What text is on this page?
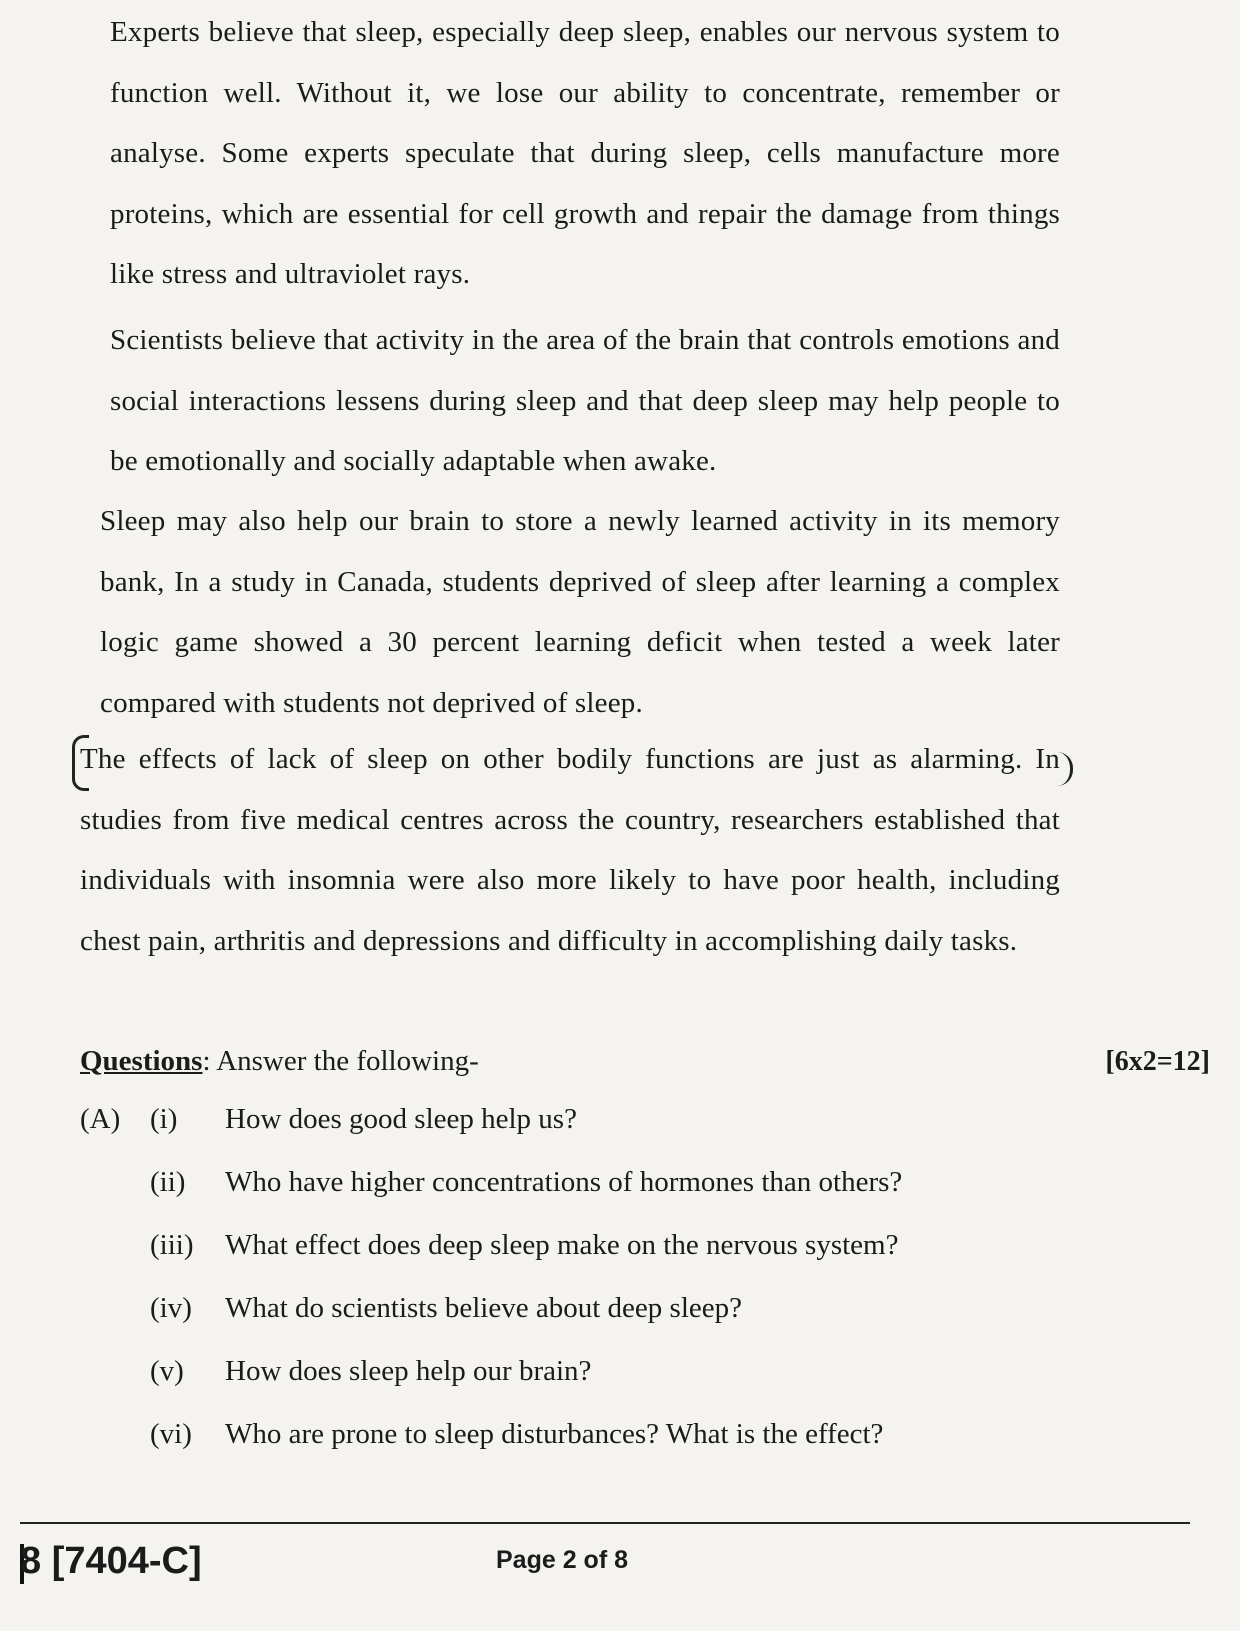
Experts believe that sleep, especially deep sleep, enables our nervous system to function well. Without it, we lose our ability to concentrate, remember or analyse. Some experts speculate that during sleep, cells manufacture more proteins, which are essential for cell growth and repair the damage from things like stress and ultraviolet rays.
Scientists believe that activity in the area of the brain that controls emotions and social interactions lessens during sleep and that deep sleep may help people to be emotionally and socially adaptable when awake.
Sleep may also help our brain to store a newly learned activity in its memory bank, In a study in Canada, students deprived of sleep after learning a complex logic game showed a 30 percent learning deficit when tested a week later compared with students not deprived of sleep.
The effects of lack of sleep on other bodily functions are just as alarming. In studies from five medical centres across the country, researchers established that individuals with insomnia were also more likely to have poor health, including chest pain, arthritis and depressions and difficulty in accomplishing daily tasks.
Questions: Answer the following-	[6x2=12]
(A)	(i)	How does good sleep help us?
(ii)	Who have higher concentrations of hormones than others?
(iii)	What effect does deep sleep make on the nervous system?
(iv)	What do scientists believe about deep sleep?
(v)	How does sleep help our brain?
(vi)	Who are prone to sleep disturbances? What is the effect?
8 [7404-C]	Page 2 of 8
